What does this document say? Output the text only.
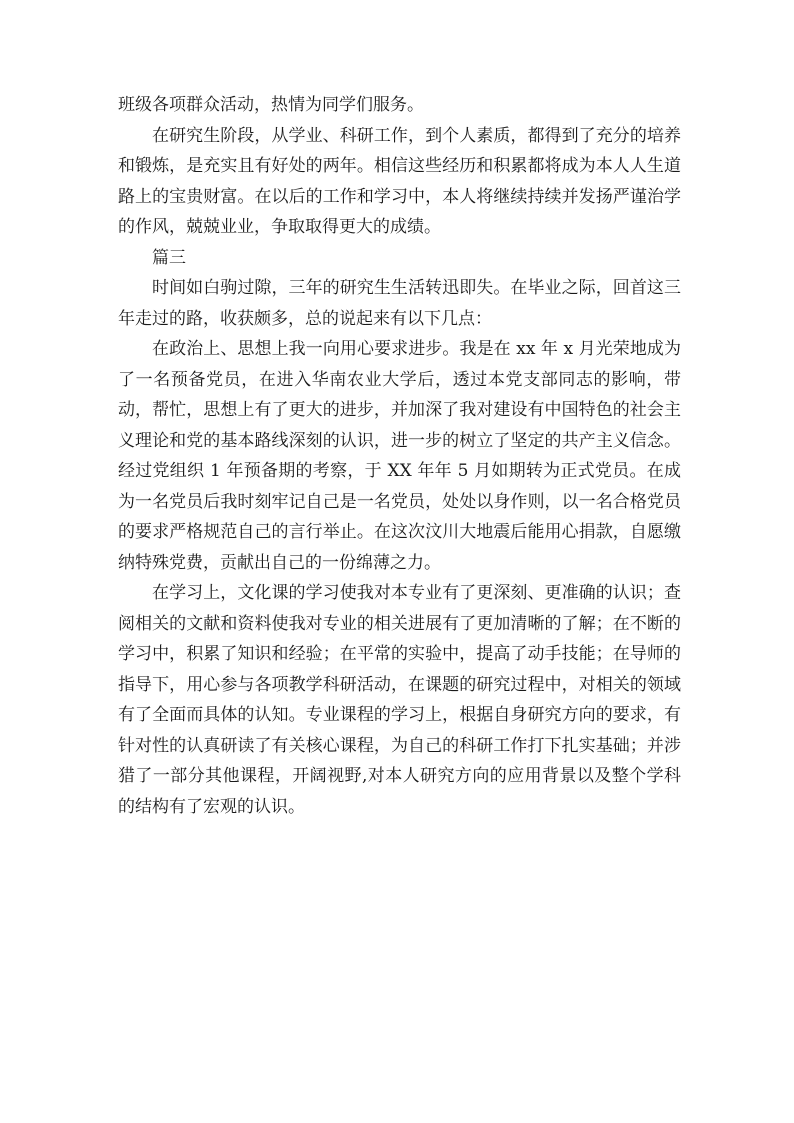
班级各项群众活动，热情为同学们服务。

在研究生阶段，从学业、科研工作，到个人素质，都得到了充分的培养和锻炼，是充实且有好处的两年。相信这些经历和积累都将成为本人人生道路上的宝贵财富。在以后的工作和学习中，本人将继续持续并发扬严谨治学的作风，兢兢业业，争取取得更大的成绩。

篇三

时间如白驹过隙，三年的研究生生活转迅即失。在毕业之际，回首这三年走过的路，收获颇多，总的说起来有以下几点：

在政治上、思想上我一向用心要求进步。我是在 xx 年 x 月光荣地成为了一名预备党员，在进入华南农业大学后，透过本党支部同志的影响，带动，帮忙，思想上有了更大的进步，并加深了我对建设有中国特色的社会主义理论和党的基本路线深刻的认识，进一步的树立了坚定的共产主义信念。经过党组织 1 年预备期的考察，于 XX 年年 5 月如期转为正式党员。在成为一名党员后我时刻牢记自己是一名党员，处处以身作则，以一名合格党员的要求严格规范自己的言行举止。在这次汶川大地震后能用心捐款，自愿缴纳特殊党费，贡献出自己的一份绵薄之力。

在学习上，文化课的学习使我对本专业有了更深刻、更准确的认识；查阅相关的文献和资料使我对专业的相关进展有了更加清晰的了解；在不断的学习中，积累了知识和经验；在平常的实验中，提高了动手技能；在导师的指导下，用心参与各项教学科研活动，在课题的研究过程中，对相关的领域有了全面而具体的认知。专业课程的学习上，根据自身研究方向的要求，有针对性的认真研读了有关核心课程，为自己的科研工作打下扎实基础；并涉猎了一部分其他课程，开阔视野,对本人研究方向的应用背景以及整个学科的结构有了宏观的认识。
